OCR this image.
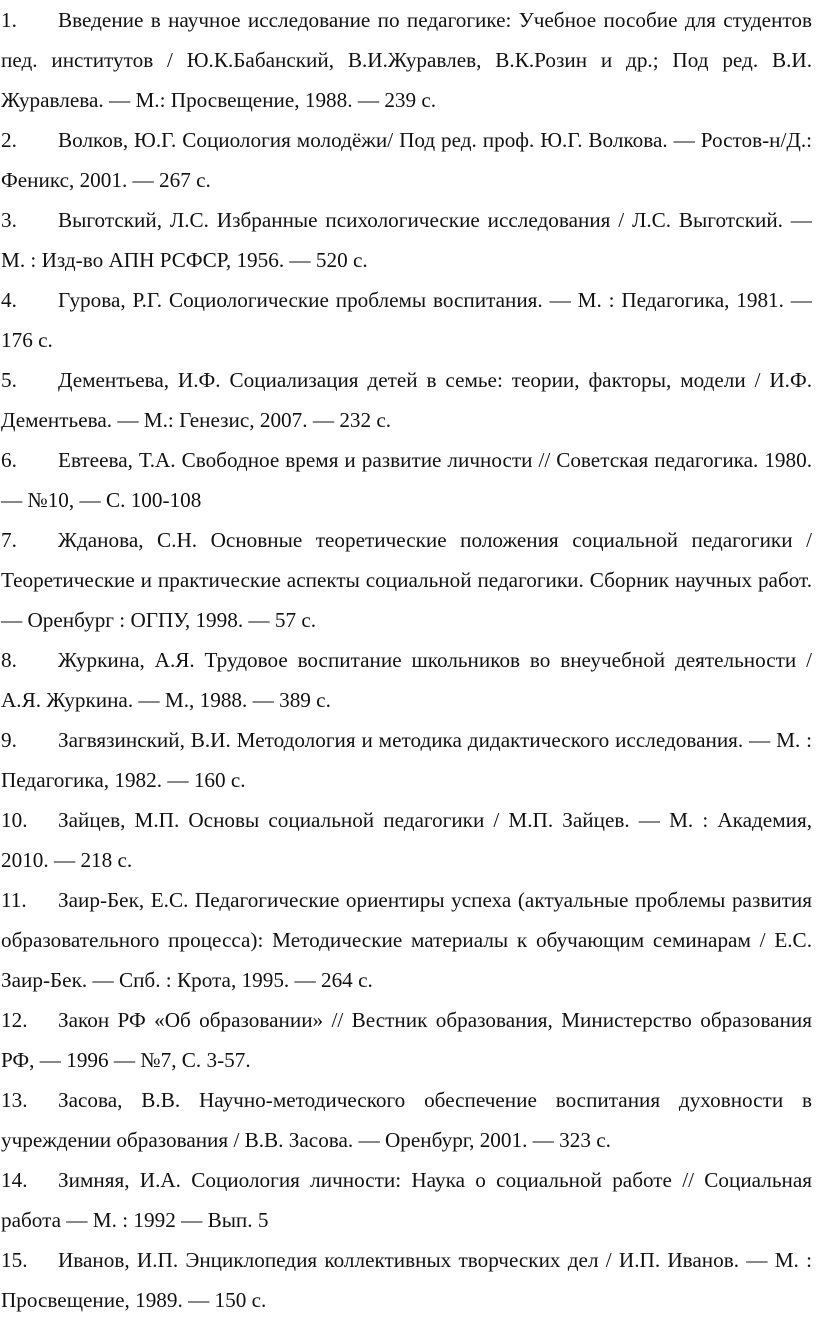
1. Введение в научное исследование по педагогике: Учебное пособие для студентов пед. институтов / Ю.К.Бабанский, В.И.Журавлев, В.К.Розин и др.; Под ред. В.И. Журавлева. — М.: Просвещение, 1988. — 239 с.
2. Волков, Ю.Г. Социология молодёжи/ Под ред. проф. Ю.Г. Волкова. — Ростов-н/Д.: Феникс, 2001. — 267 с.
3. Выготский, Л.С. Избранные психологические исследования / Л.С. Выготский. — М. : Изд-во АПН РСФСР, 1956. — 520 с.
4. Гурова, Р.Г. Социологические проблемы воспитания. — М. : Педагогика, 1981. — 176 с.
5. Дементьева, И.Ф. Социализация детей в семье: теории, факторы, модели / И.Ф. Дементьева. ― М.: Генезис, 2007. ― 232 с.
6. Евтеева, Т.А. Свободное время и развитие личности // Советская педагогика. 1980. — №10, — С. 100-108
7. Жданова, С.Н. Основные теоретические положения социальной педагогики / Теоретические и практические аспекты социальной педагогики. Сборник научных работ. — Оренбург : ОГПУ, 1998. — 57 с.
8. Журкина, А.Я. Трудовое воспитание школьников во внеучебной деятельности / А.Я. Журкина. — М., 1988. — 389 с.
9. Загвязинский, В.И. Методология и методика дидактического исследования. — М. : Педагогика, 1982. — 160 с.
10. Зайцев, М.П. Основы социальной педагогики / М.П. Зайцев. — М. : Академия, 2010. — 218 с.
11. Заир-Бек, Е.С. Педагогические ориентиры успеха (актуальные проблемы развития образовательного процесса): Методические материалы к обучающим семинарам / Е.С. Заир-Бек. — Спб. : Крота, 1995. — 264 с.
12. Закон РФ «Об образовании» // Вестник образования, Министерство образования РФ, — 1996 — №7, С. 3-57.
13. Засова, В.В. Научно-методического обеспечение воспитания духовности в учреждении образования / В.В. Засова. — Оренбург, 2001. — 323 с.
14. Зимняя, И.А. Социология личности: Наука о социальной работе // Социальная работа — М. : 1992 — Вып. 5
15. Иванов, И.П. Энциклопедия коллективных творческих дел / И.П. Иванов. — М. : Просвещение, 1989. — 150 с.
